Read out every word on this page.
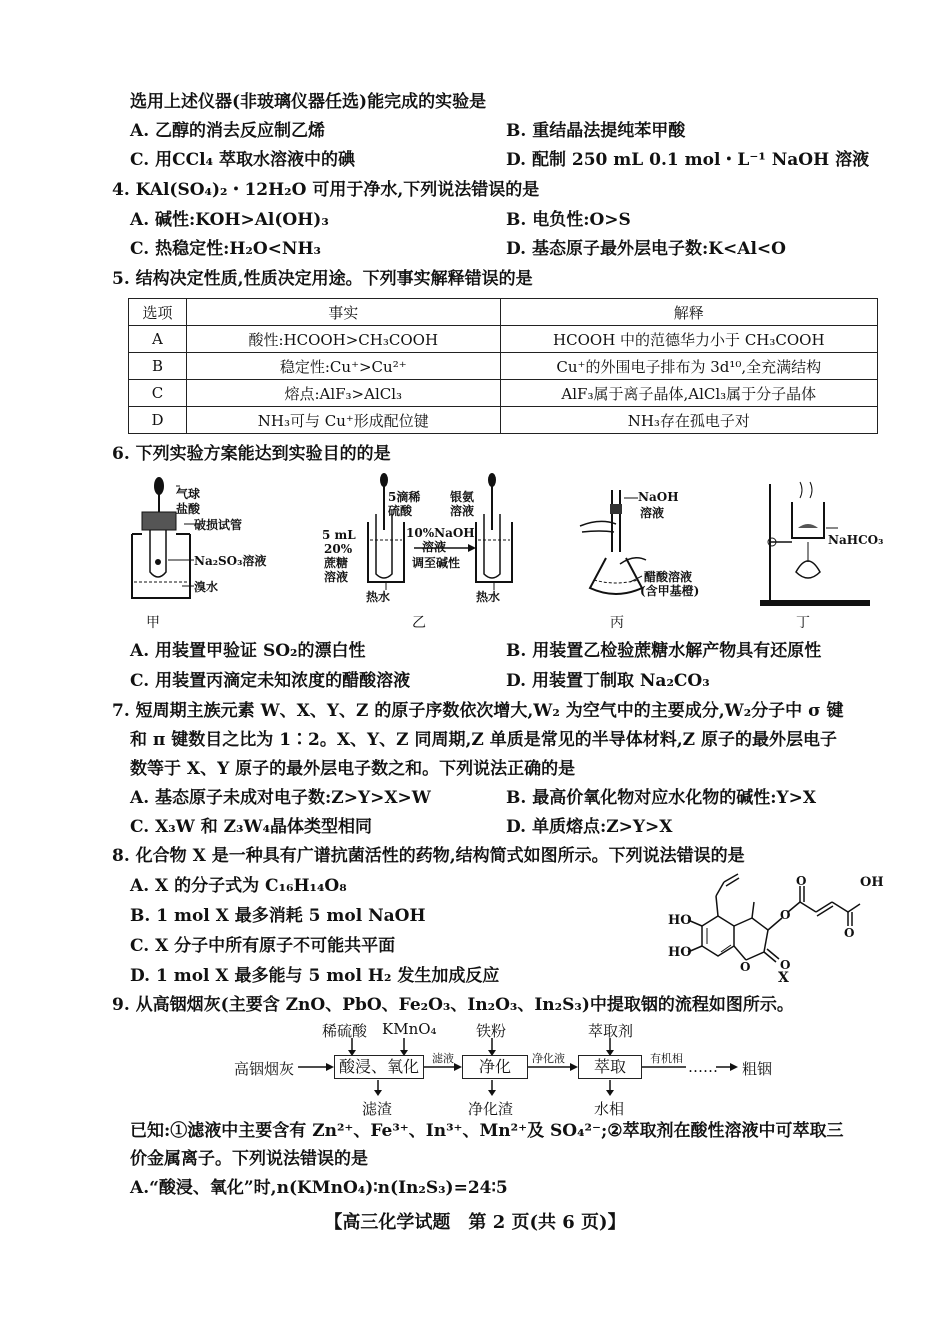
选用上述仪器(非玻璃仪器任选)能完成的实验是
A. 乙醇的消去反应制乙烯	B. 重结晶法提纯苯甲酸
C. 用CCl₄ 萃取水溶液中的碘	D. 配制 250 mL 0.1 mol・L⁻¹ NaOH 溶液
4. KAl(SO₄)₂・12H₂O 可用于净水,下列说法错误的是
A. 碱性:KOH>Al(OH)₃	B. 电负性:O>S
C. 热稳定性:H₂O<NH₃	D. 基态原子最外层电子数:K<Al<O
5. 结构决定性质,性质决定用途。下列事实解释错误的是
选项	事实	解释
A	酸性:HCOOH>CH₃COOH	HCOOH 中的范德华力小于 CH₃COOH
B	稳定性:Cu⁺>Cu²⁺	Cu⁺的外围电子排布为 3d¹⁰,全充满结构
C	熔点:AlF₃>AlCl₃	AlF₃属于离子晶体,AlCl₃属于分子晶体
D	NH₃可与 Cu⁺形成配位键	NH₃存在孤电子对
6. 下列实验方案能达到实验目的的是
气球
盐酸
破损试管
Na₂SO₃溶液
溴水
甲
5滴稀
硫酸
银氨
溶液
5 mL
20%
蔗糖
溶液
10%NaOH
溶液
调至碱性
热水	热水
乙
NaOH
溶液
醋酸溶液
(含甲基橙)
丙
NaHCO₃
丁
A. 用装置甲验证 SO₂的漂白性	B. 用装置乙检验蔗糖水解产物具有还原性
C. 用装置丙滴定未知浓度的醋酸溶液	D. 用装置丁制取 Na₂CO₃
7. 短周期主族元素 W、X、Y、Z 的原子序数依次增大,W₂ 为空气中的主要成分,W₂分子中 σ 键
和 π 键数目之比为 1∶2。X、Y、Z 同周期,Z 单质是常见的半导体材料,Z 原子的最外层电子
数等于 X、Y 原子的最外层电子数之和。下列说法正确的是
A. 基态原子未成对电子数:Z>Y>X>W	B. 最高价氧化物对应水化物的碱性:Y>X
C. X₃W 和 Z₃W₄晶体类型相同	D. 单质熔点:Z>Y>X
8. 化合物 X 是一种具有广谱抗菌活性的药物,结构简式如图所示。下列说法错误的是
A. X 的分子式为 C₁₆H₁₄O₈
B. 1 mol X 最多消耗 5 mol NaOH
C. X 分子中所有原子不可能共平面
D. 1 mol X 最多能与 5 mol H₂ 发生加成反应
HO
HO
OH
O
O
O
O O
X
9. 从高铟烟灰(主要含 ZnO、PbO、Fe₂O₃、In₂O₃、In₂S₃)中提取铟的流程如图所示。
高铟烟灰	酸浸、氧化	净化	萃取	…… 粗铟
稀硫酸 KMnO₄	铁粉	萃取剂
滤液	净化液	有机相
滤渣	净化渣	水相
已知:①滤液中主要含有 Zn²⁺、Fe³⁺、In³⁺、Mn²⁺及 SO₄²⁻;②萃取剂在酸性溶液中可萃取三
价金属离子。下列说法错误的是
A.“酸浸、氧化”时,n(KMnO₄)∶n(In₂S₃)=24∶5
【高三化学试题　第 2 页(共 6 页)】
